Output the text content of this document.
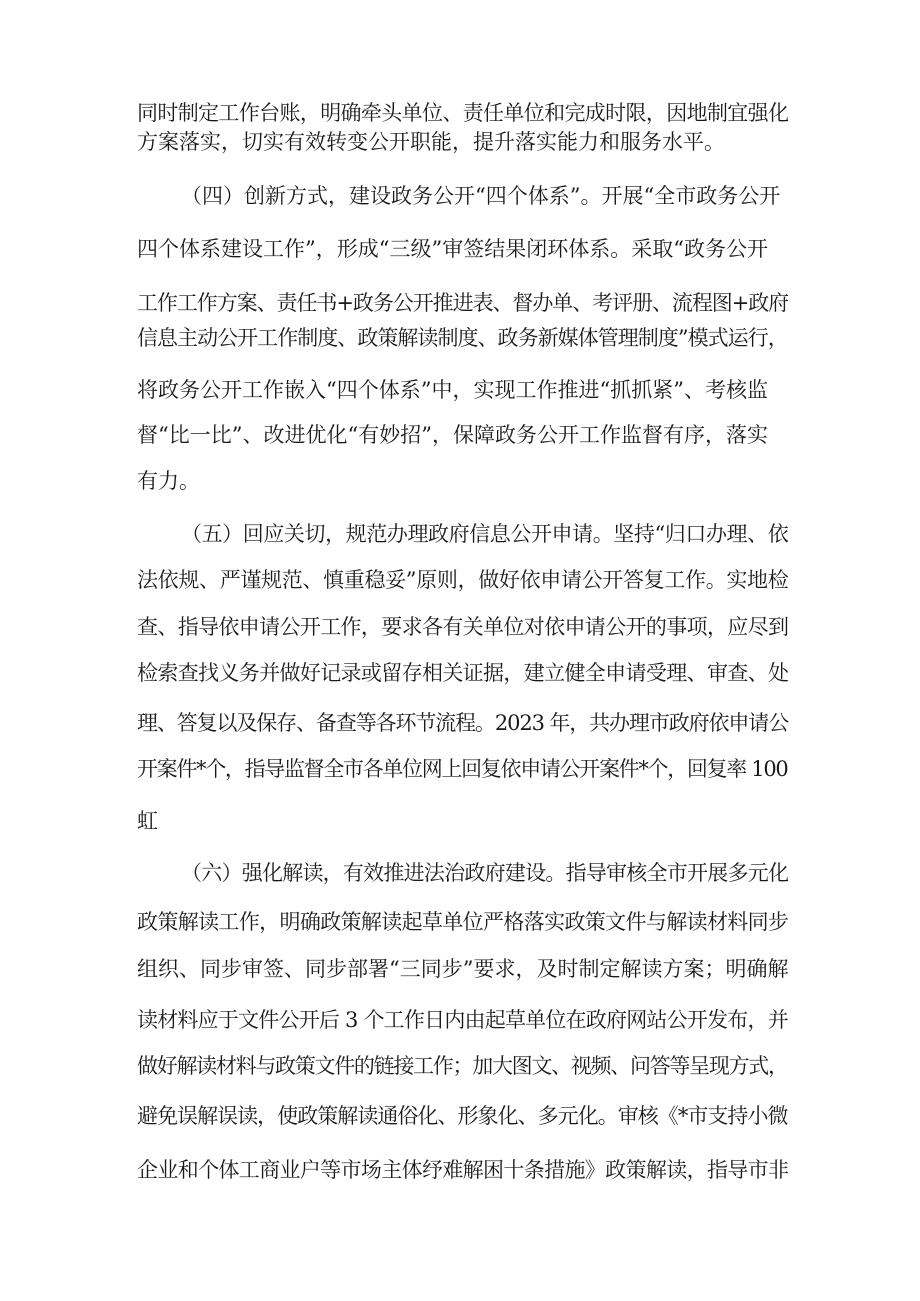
同时制定工作台账，明确牵头单位、责任单位和完成时限，因地制宜强化
方案落实，切实有效转变公开职能，提升落实能力和服务水平。
（四）创新方式，建设政务公开“四个体系”。开展“全市政务公开
四个体系建设工作”，形成“三级”审签结果闭环体系。采取“政务公开
工作工作方案、责任书+政务公开推进表、督办单、考评册、流程图+政府
信息主动公开工作制度、政策解读制度、政务新媒体管理制度”模式运行，
将政务公开工作嵌入“四个体系”中，实现工作推进“抓抓紧”、考核监
督“比一比”、改进优化“有妙招”，保障政务公开工作监督有序，落实
有力。
（五）回应关切，规范办理政府信息公开申请。坚持“归口办理、依
法依规、严谨规范、慎重稳妥”原则，做好依申请公开答复工作。实地检
查、指导依申请公开工作，要求各有关单位对依申请公开的事项，应尽到
检索查找义务并做好记录或留存相关证据，建立健全申请受理、审查、处
理、答复以及保存、备查等各环节流程。2023 年，共办理市政府依申请公
开案件*个，指导监督全市各单位网上回复依申请公开案件*个，回复率 100
虹
（六）强化解读，有效推进法治政府建设。指导审核全市开展多元化
政策解读工作，明确政策解读起草单位严格落实政策文件与解读材料同步
组织、同步审签、同步部署“三同步”要求，及时制定解读方案；明确解
读材料应于文件公开后 3 个工作日内由起草单位在政府网站公开发布，并
做好解读材料与政策文件的链接工作；加大图文、视频、问答等呈现方式，
避免误解误读，使政策解读通俗化、形象化、多元化。审核《*市支持小微
企业和个体工商业户等市场主体纾难解困十条措施》政策解读，指导市非
